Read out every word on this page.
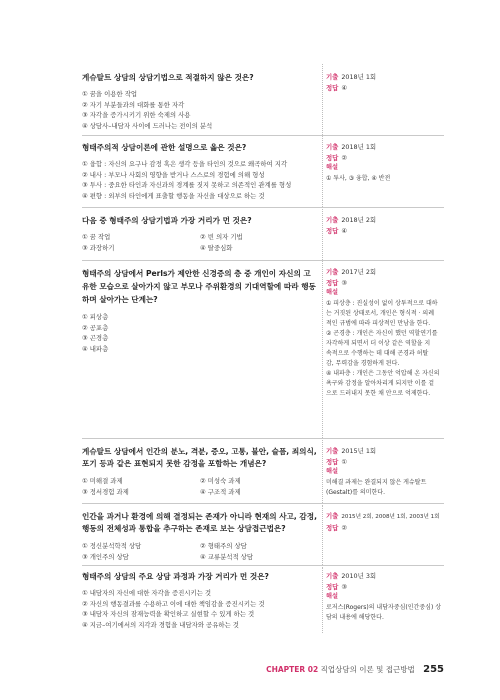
게슈탈트 상담의 상담기법으로 적절하지 않은 것은?
① 꿈을 이용한 작업
② 자기 부분들과의 대화를 통한 자각
③ 자각을 증가시키기 위한 숙제의 사용
④ 상담사–내담자 사이에 드러나는 전이의 분석
기출 2018년 1회
정답 ④
형태주의적 상담이론에 관한 설명으로 옳은 것은?
① 융합 : 자신의 요구나 감정 혹은 생각 등을 타인의 것으로 왜곡하여 지각
② 내사 : 부모나 사회의 영향을 받거나 스스로의 경험에 의해 형성
③ 투사 : 중요한 타인과 자신과의 경계를 짓지 못하고 의존적인 관계를 형성
④ 편향 : 외부의 타인에게 표출할 행동을 자신을 대상으로 하는 것
기출 2018년 1회
정답 ②
해설
① 투사, ③ 융합, ④ 반전
다음 중 형태주의 상담기법과 가장 거리가 먼 것은?
① 꿈 작업	② 빈 의자 기법
③ 과장하기	④ 탈중심화
기출 2018년 2회
정답 ④
형태주의 상담에서 Perls가 제안한 신경증의 층 중 개인이 자신의 고유한 모습으로 살아가지 않고 부모나 주위환경의 기대역할에 따라 행동하며 살아가는 단계는?
① 피상층
② 공포층
③ 곤경층
④ 내파층
기출 2017년 2회
정답 ③
해설
① 피상층 : 진실성이 없이 상투적으로 대하
는 거짓된 상태로서, 개인은 형식적 · 의례
적인 규범에 따라 피상적인 만남을 한다.
② 곤경층 : 개인은 자신이 했던 역할연기를
자각하게 되면서 더 이상 같은 역할을 지
속적으로 수행하는 데 대해 곤경과 허탈
감, 무력감을 경험하게 된다.
④ 내파층 : 개인은 그동안 억압해 온 자신의
욕구와 감정을 알아차리게 되지만 이를 겉
으로 드러내지 못한 채 안으로 억제한다.
게슈탈트 상담에서 인간의 분노, 격분, 증오, 고통, 불안, 슬픔, 죄의식, 포기 등과 같은 표현되지 못한 감정을 포함하는 개념은?
① 미해결 과제	② 미성숙 과제
③ 정서경험 과제	④ 구조적 과제
기출 2015년 1회
정답 ①
해설
미해결 과제는 완결되지 않은 게슈탈트
(Gestalt)를 의미한다.
인간을 과거나 환경에 의해 결정되는 존재가 아니라 현재의 사고, 감정, 행동의 전체성과 통합을 추구하는 존재로 보는 상담접근법은?
① 정신분석학적 상담	② 형태주의 상담
③ 개인주의 상담	④ 교류분석적 상담
기출 2015년 2회, 2008년 1회, 2003년 1회
정답 ②
형태주의 상담의 주요 상담 과정과 가장 거리가 먼 것은?
① 내담자의 자신에 대한 자각을 증진시키는 것
② 자신의 행동결과를 수용하고 이에 대한 책임감을 증진시키는 것
③ 내담자 자신의 잠재능력을 확인하고 실현할 수 있게 하는 것
④ 지금–여기에서의 지각과 경험을 내담자와 공유하는 것
기출 2010년 3회
정답 ③
해설
로저스(Rogers)의 내담자중심(인간중심) 상
담의 내용에 해당한다.
CHAPTER 02 직업상담의 이론 및 접근방법 255
